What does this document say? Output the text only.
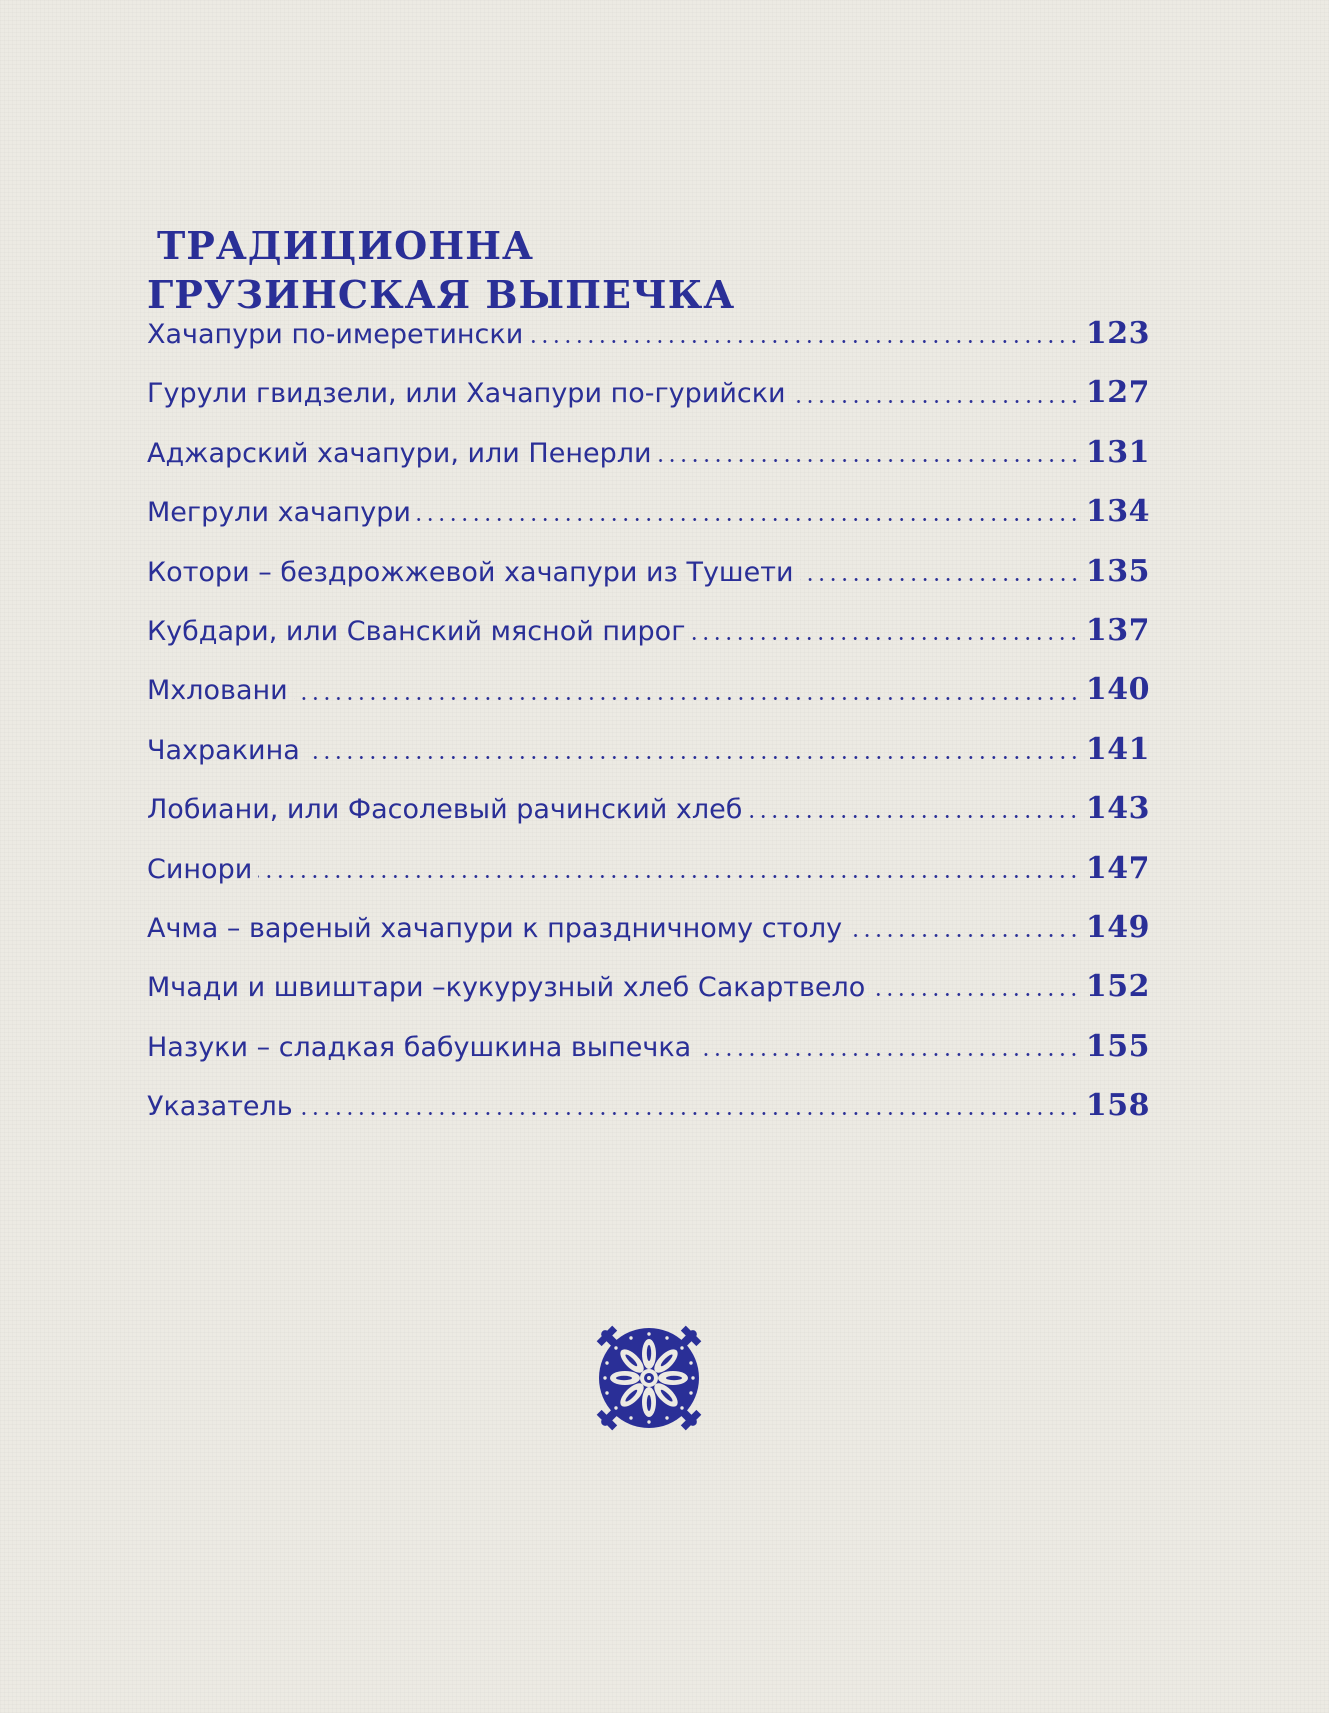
ТРАДИЦИОННА
ГРУЗИНСКАЯ ВЫПЕЧКА
Хачапури по-имеретински	123
Гурули гвидзели, или Хачапури по-гурийски	127
Аджарский хачапури, или Пенерли	131
Мегрули хачапури	134
Котори – бездрожжевой хачапури из Тушети	135
Кубдари, или Сванский мясной пирог	137
Мхловани	140
Чахракина	141
Лобиани, или Фасолевый рачинский хлеб	143
Синори	147
Ачма – вареный хачапури к праздничному столу	149
Мчади и швиштари –кукурузный хлеб Сакартвело	152
Назуки – сладкая бабушкина выпечка	155
Указатель	158
